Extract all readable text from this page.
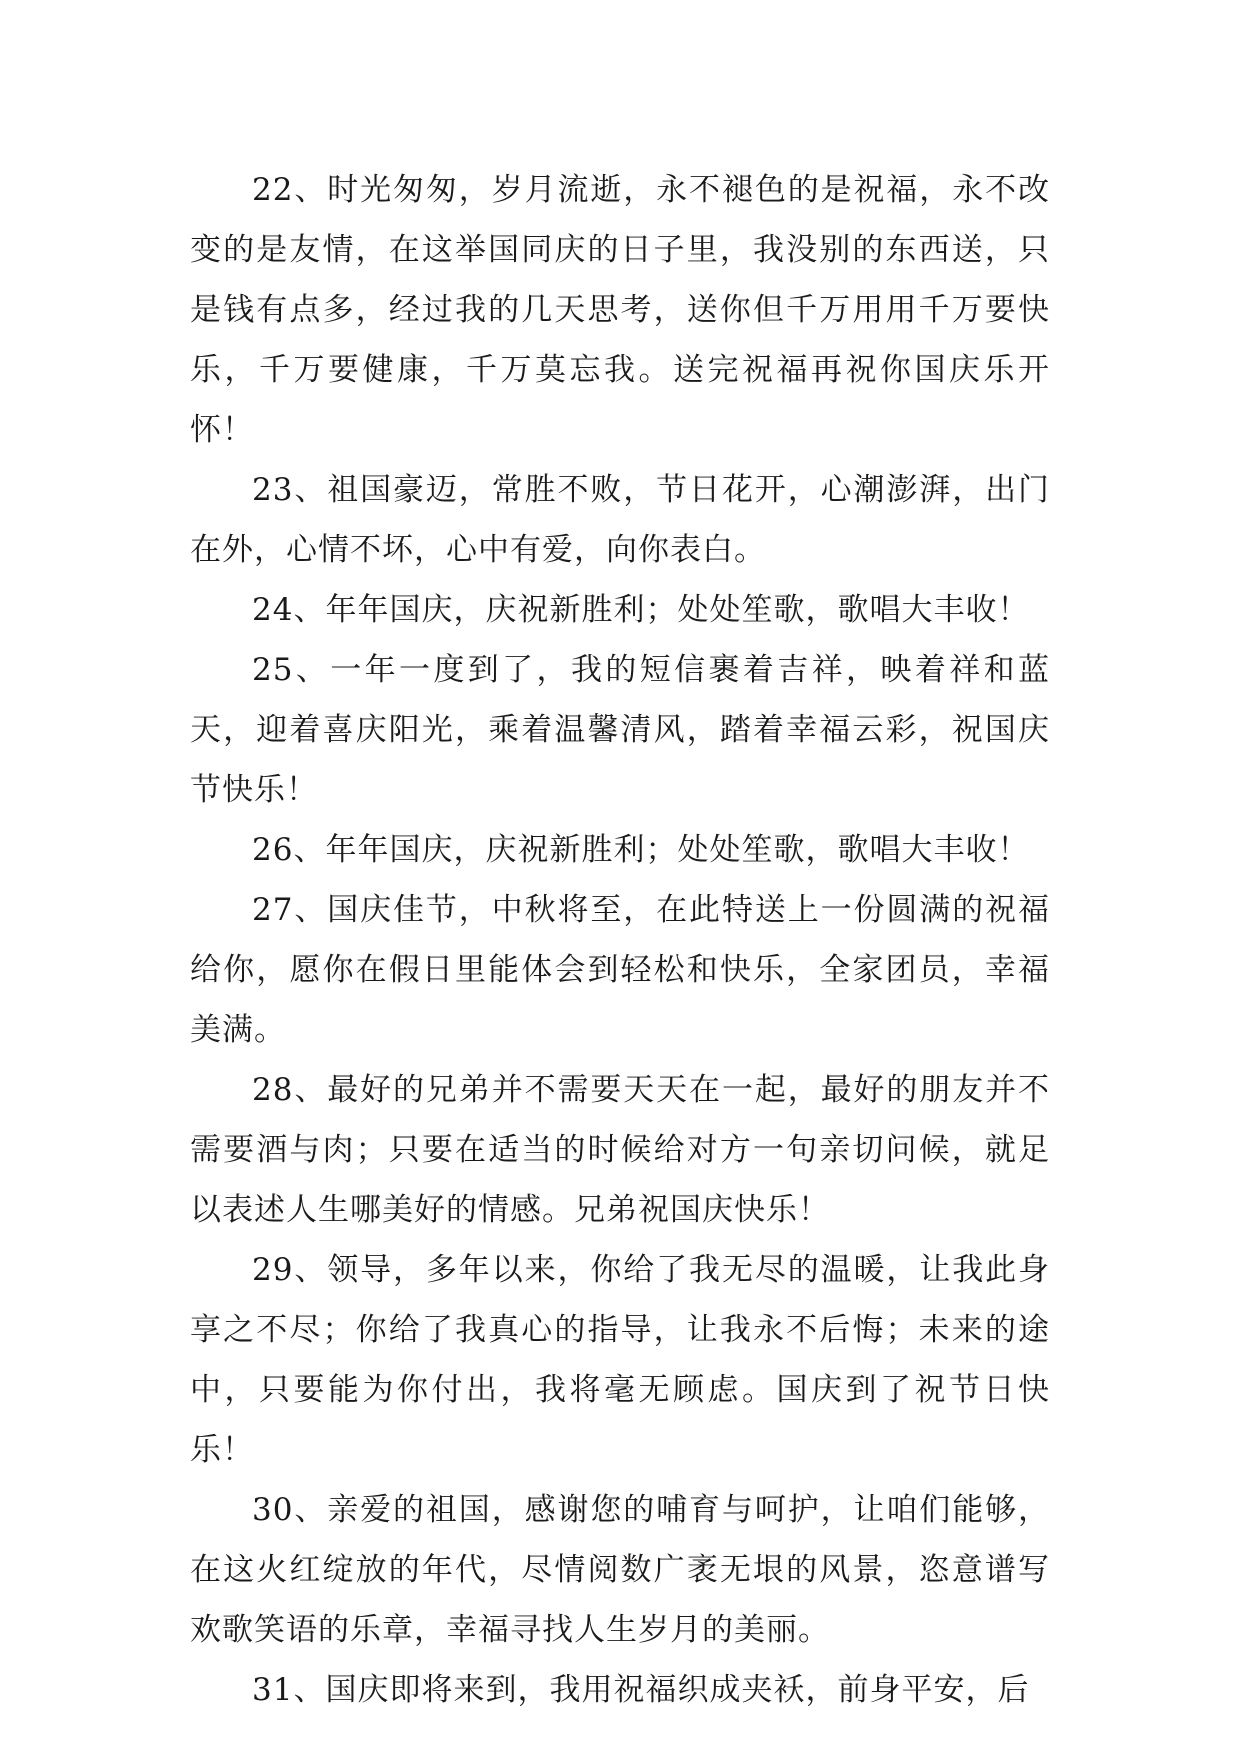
22、时光匆匆，岁月流逝，永不褪色的是祝福，永不改变的是友情，在这举国同庆的日子里，我没别的东西送，只是钱有点多，经过我的几天思考，送你但千万用用千万要快乐，千万要健康，千万莫忘我。送完祝福再祝你国庆乐开怀！

23、祖国豪迈，常胜不败，节日花开，心潮澎湃，出门在外，心情不坏，心中有爱，向你表白。

24、年年国庆，庆祝新胜利；处处笙歌，歌唱大丰收！

25、一年一度到了，我的短信裹着吉祥，映着祥和蓝天，迎着喜庆阳光，乘着温馨清风，踏着幸福云彩，祝国庆节快乐！

26、年年国庆，庆祝新胜利；处处笙歌，歌唱大丰收！

27、国庆佳节，中秋将至，在此特送上一份圆满的祝福给你，愿你在假日里能体会到轻松和快乐，全家团员，幸福美满。

28、最好的兄弟并不需要天天在一起，最好的朋友并不需要酒与肉；只要在适当的时候给对方一句亲切问候，就足以表述人生哪美好的情感。兄弟祝国庆快乐！

29、领导，多年以来，你给了我无尽的温暖，让我此身享之不尽；你给了我真心的指导，让我永不后悔；未来的途中，只要能为你付出，我将毫无顾虑。国庆到了祝节日快乐！

30、亲爱的祖国，感谢您的哺育与呵护，让咱们能够，在这火红绽放的年代，尽情阅数广袤无垠的风景，恣意谱写欢歌笑语的乐章，幸福寻找人生岁月的美丽。

31、国庆即将来到，我用祝福织成夹袄，前身平安，后
